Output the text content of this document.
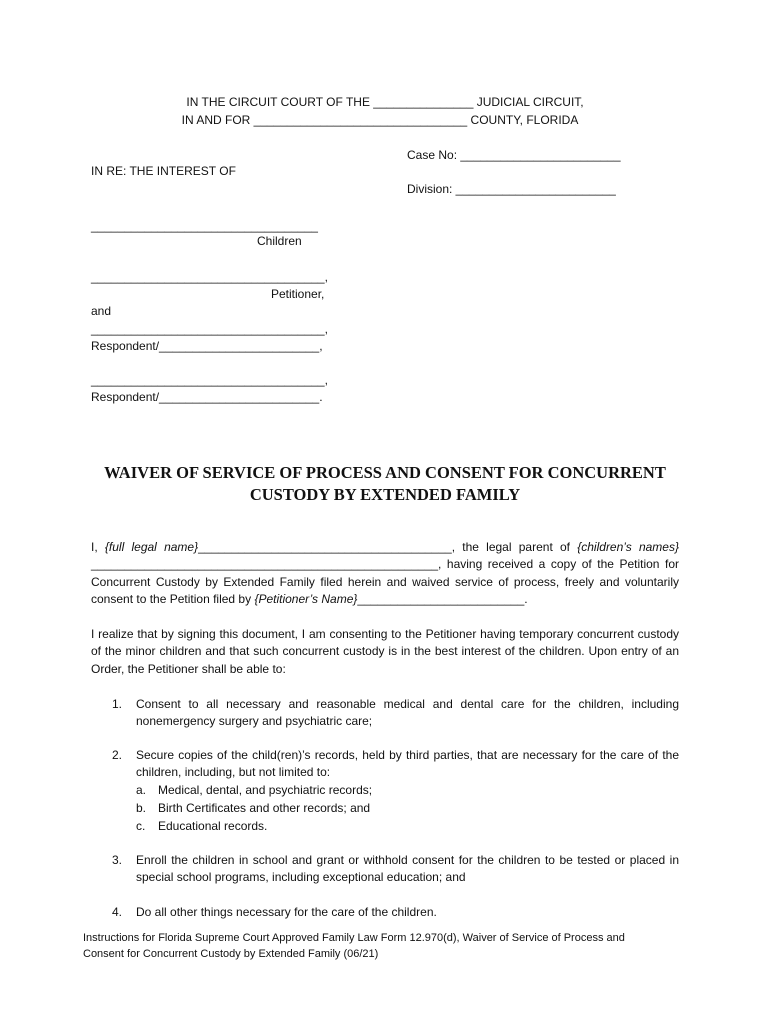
IN THE CIRCUIT COURT OF THE _______________ JUDICIAL CIRCUIT,
IN AND FOR ________________________________ COUNTY, FLORIDA
Case No: ________________________
IN RE: THE INTEREST OF
Division: ________________________
__________________________________
Children
___________________________________,
Petitioner,
and
___________________________________,
Respondent/________________________,
___________________________________,
Respondent/________________________.
WAIVER OF SERVICE OF PROCESS AND CONSENT FOR CONCURRENT
CUSTODY BY EXTENDED FAMILY
I, {full legal name}______________________________________, the legal parent of {children’s names} ____________________________________________________, having received a copy of the Petition for Concurrent Custody by Extended Family filed herein and waived service of process, freely and voluntarily consent to the Petition filed by {Petitioner’s Name}_________________________.
I realize that by signing this document, I am consenting to the Petitioner having temporary concurrent custody of the minor children and that such concurrent custody is in the best interest of the children. Upon entry of an Order, the Petitioner shall be able to:
1.	Consent to all necessary and reasonable medical and dental care for the children, including nonemergency surgery and psychiatric care;
2.	Secure copies of the child(ren)’s records, held by third parties, that are necessary for the care of the children, including, but not limited to:
a. Medical, dental, and psychiatric records;
b. Birth Certificates and other records; and
c. Educational records.
3.	Enroll the children in school and grant or withhold consent for the children to be tested or placed in special school programs, including exceptional education; and
4.	Do all other things necessary for the care of the children.
Instructions for Florida Supreme Court Approved Family Law Form 12.970(d), Waiver of Service of Process and
Consent for Concurrent Custody by Extended Family (06/21)
